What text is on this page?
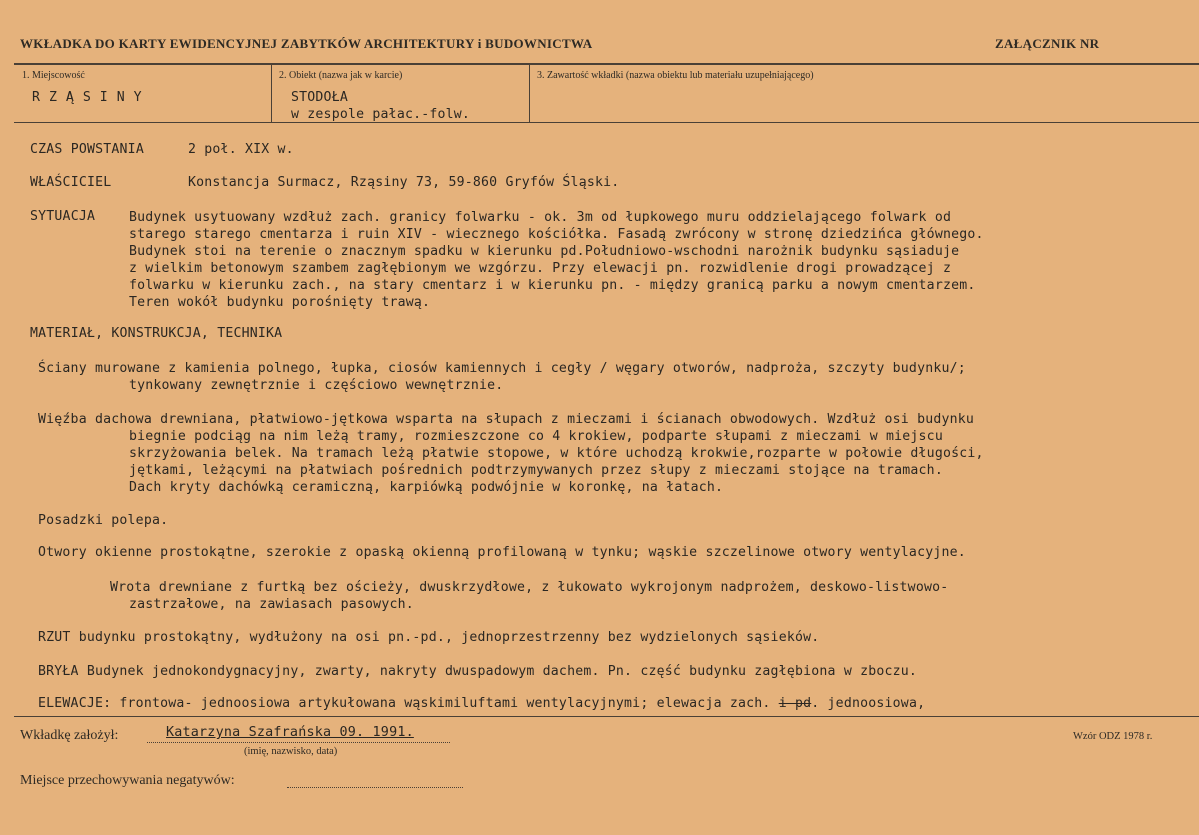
WKŁADKA DO KARTY EWIDENCYJNEJ ZABYTKÓW ARCHITEKTURY i BUDOWNICTWA	ZAŁĄCZNIK NR
1. Miejscowość
RZĄSINY
2. Obiekt (nazwa jak w karcie)
STODOŁA
w zespole pałac.-folw.
3. Zawartość wkładki (nazwa obiektu lub materiału uzupełniającego)
CZAS POWSTANIA	2 poł. XIX w.
WŁAŚCICIEL	Konstancja Surmacz, Rząsiny 73, 59-860 Gryfów Śląski.
SYTUACJA	Budynek usytuowany wzdłuż zach. granicy folwarku - ok. 3m od łupkowego muru oddzielającego folwark od
starego starego cmentarza i ruin XIV - wiecznego kościółka. Fasadą zwrócony w stronę dziedzińca głównego.
Budynek stoi na terenie o znacznym spadku w kierunku pd.Południowo-wschodni narożnik budynku sąsiaduje
z wielkim betonowym szambem zagłębionym we wzgórzu. Przy elewacji pn. rozwidlenie drogi prowadzącej z
folwarku w kierunku zach., na stary cmentarz i w kierunku pn. - między granicą parku a nowym cmentarzem.
Teren wokół budynku porośnięty trawą.
MATERIAŁ, KONSTRUKCJA, TECHNIKA
Ściany murowane z kamienia polnego, łupka, ciosów kamiennych i cegły / węgary otworów, nadproża, szczyty budynku/;
tynkowany zewnętrznie i częściowo wewnętrznie.
Więźba dachowa drewniana, płatwiowo-jętkowa wsparta na słupach z mieczami i ścianach obwodowych. Wzdłuż osi budynku
biegnie podciąg na nim leżą tramy, rozmieszczone co 4 krokiew, podparte słupami z mieczami w miejscu
skrzyżowania belek. Na tramach leżą płatwie stopowe, w które uchodzą krokwie,rozparte w połowie długości,
jętkami, leżącymi na płatwiach pośrednich podtrzymywanych przez słupy z mieczami stojące na tramach.
Dach kryty dachówką ceramiczną, karpiówką podwójnie w koronkę, na łatach.
Posadzki polepa.
Otwory okienne prostokątne, szerokie z opaską okienną profilowaną w tynku; wąskie szczelinowe otwory wentylacyjne.
Wrota drewniane z furtką bez ościeży, dwuskrzydłowe, z łukowato wykrojonym nadprożem, deskowo-listwowo-
zastrzałowe, na zawiasach pasowych.
RZUT budynku prostokątny, wydłużony na osi pn.-pd., jednoprzestrzenny bez wydzielonych sąsieków.
BRYŁA Budynek jednokondygnacyjny, zwarty, nakryty dwuspadowym dachem. Pn. część budynku zagłębiona w zboczu.
ELEWACJE: frontowa- jednoosiowa artykułowana wąskimiluftami wentylacyjnymi; elewacja zach. i pd. jednoosiowa,
Wkładkę założył:	Katarzyna Szafrańska 09. 1991.
(imię, nazwisko, data)
Wzór ODZ 1978 r.
Miejsce przechowywania negatywów:
